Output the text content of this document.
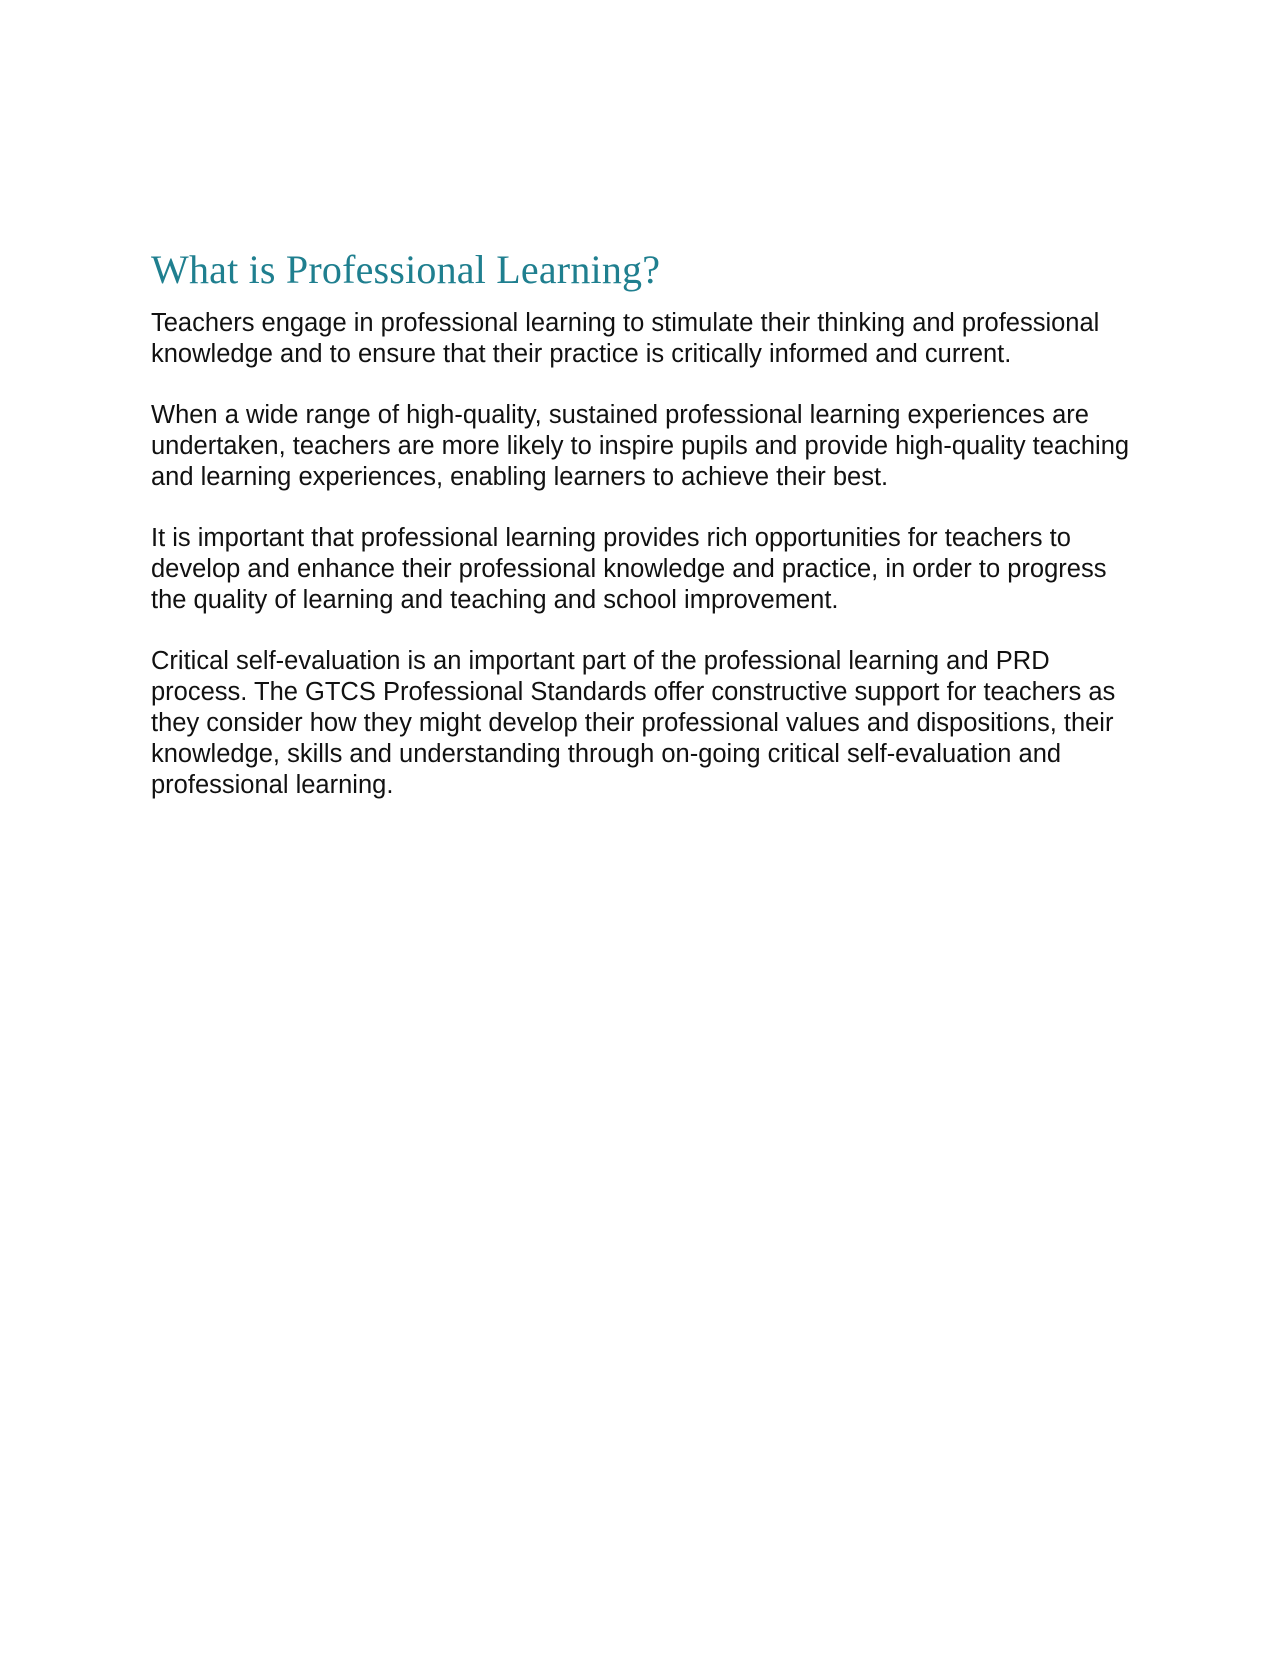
What is Professional Learning?

Teachers engage in professional learning to stimulate their thinking and professional knowledge and to ensure that their practice is critically informed and current.

When a wide range of high-quality, sustained professional learning experiences are undertaken, teachers are more likely to inspire pupils and provide high-quality teaching and learning experiences, enabling learners to achieve their best.

It is important that professional learning provides rich opportunities for teachers to develop and enhance their professional knowledge and practice, in order to progress the quality of learning and teaching and school improvement.

Critical self-evaluation is an important part of the professional learning and PRD process. The GTCS Professional Standards offer constructive support for teachers as they consider how they might develop their professional values and dispositions, their knowledge, skills and understanding through on-going critical self-evaluation and professional learning.
